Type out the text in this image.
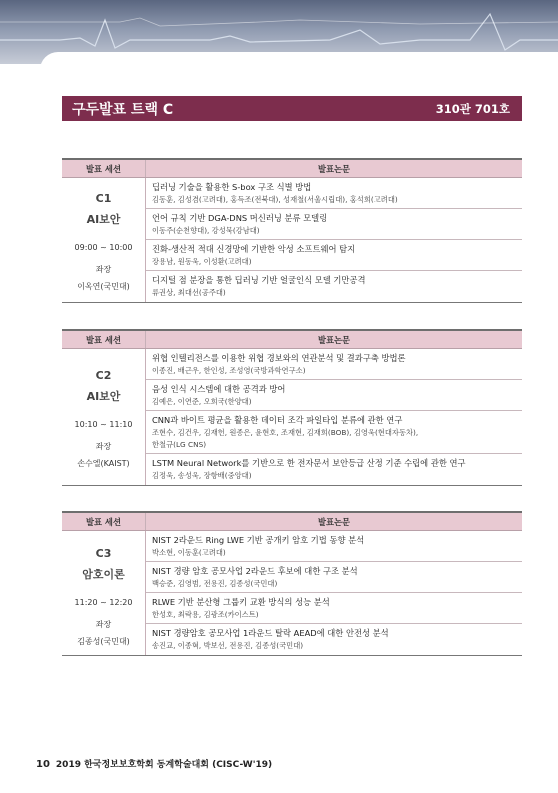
구두발표 트랙 C	310관 701호
발표 세션	발표논문
C1
AI보안
09:00 ~ 10:00
좌장
이옥연(국민대)
딥러닝 기술을 활용한 S-box 구조 식별 방법
김동훈, 김성겸(고려대), 홍득조(전북대), 성재철(서울시립대), 홍석희(고려대)
언어 규칙 기반 DGA-DNS 머신러닝 분류 모델링
이동주(순천향대), 강성묵(강남대)
진화-생산적 적대 신경망에 기반한 악성 소프트웨어 탐지
장용남, 원동욱, 이성환(고려대)
디지털 점 분장을 통한 딥러닝 기반 얼굴인식 모델 기만공격
류권상, 최대선(공주대)
발표 세션	발표논문
C2
AI보안
10:10 ~ 11:10
좌장
손수엘(KAIST)
위협 인텔리전스를 이용한 위협 경보와의 연관분석 및 결과구축 방법론
이종진, 배근우, 한인성, 조성영(국방과학연구소)
음성 인식 시스템에 대한 공격과 방어
김예은, 이연준, 오희국(한양대)
CNN과 바이트 평균을 활용한 데이터 조각 파일타입 분류에 관한 연구
조현수, 김건우, 김재헌, 원종은, 윤현호, 조재현, 김재희(BOB), 김영욱(현대자동차),
한철규(LG CNS)
LSTM Neural Network를 기반으로 한 전자문서 보안등급 산정 기준 수립에 관한 연구
김정욱, 송성욱, 장항배(중앙대)
발표 세션	발표논문
C3
암호이론
11:20 ~ 12:20
좌장
김종성(국민대)
NIST 2라운드 Ring LWE 기반 공개키 암호 기법 동향 분석
박소현, 이동훈(고려대)
NIST 경량 암호 공모사업 2라운드 후보에 대한 구조 분석
백승준, 김영범, 전용진, 김종성(국민대)
RLWE 기반 분산형 그룹키 교환 방식의 성능 분석
한성호, 최락용, 김광조(카이스트)
NIST 경량암호 공모사업 1라운드 탈락 AEAD에 대한 안전성 분석
송진교, 이종혁, 박보선, 전용진, 김종성(국민대)
10 2019 한국정보보호학회 동계학술대회 (CISC-W'19)
